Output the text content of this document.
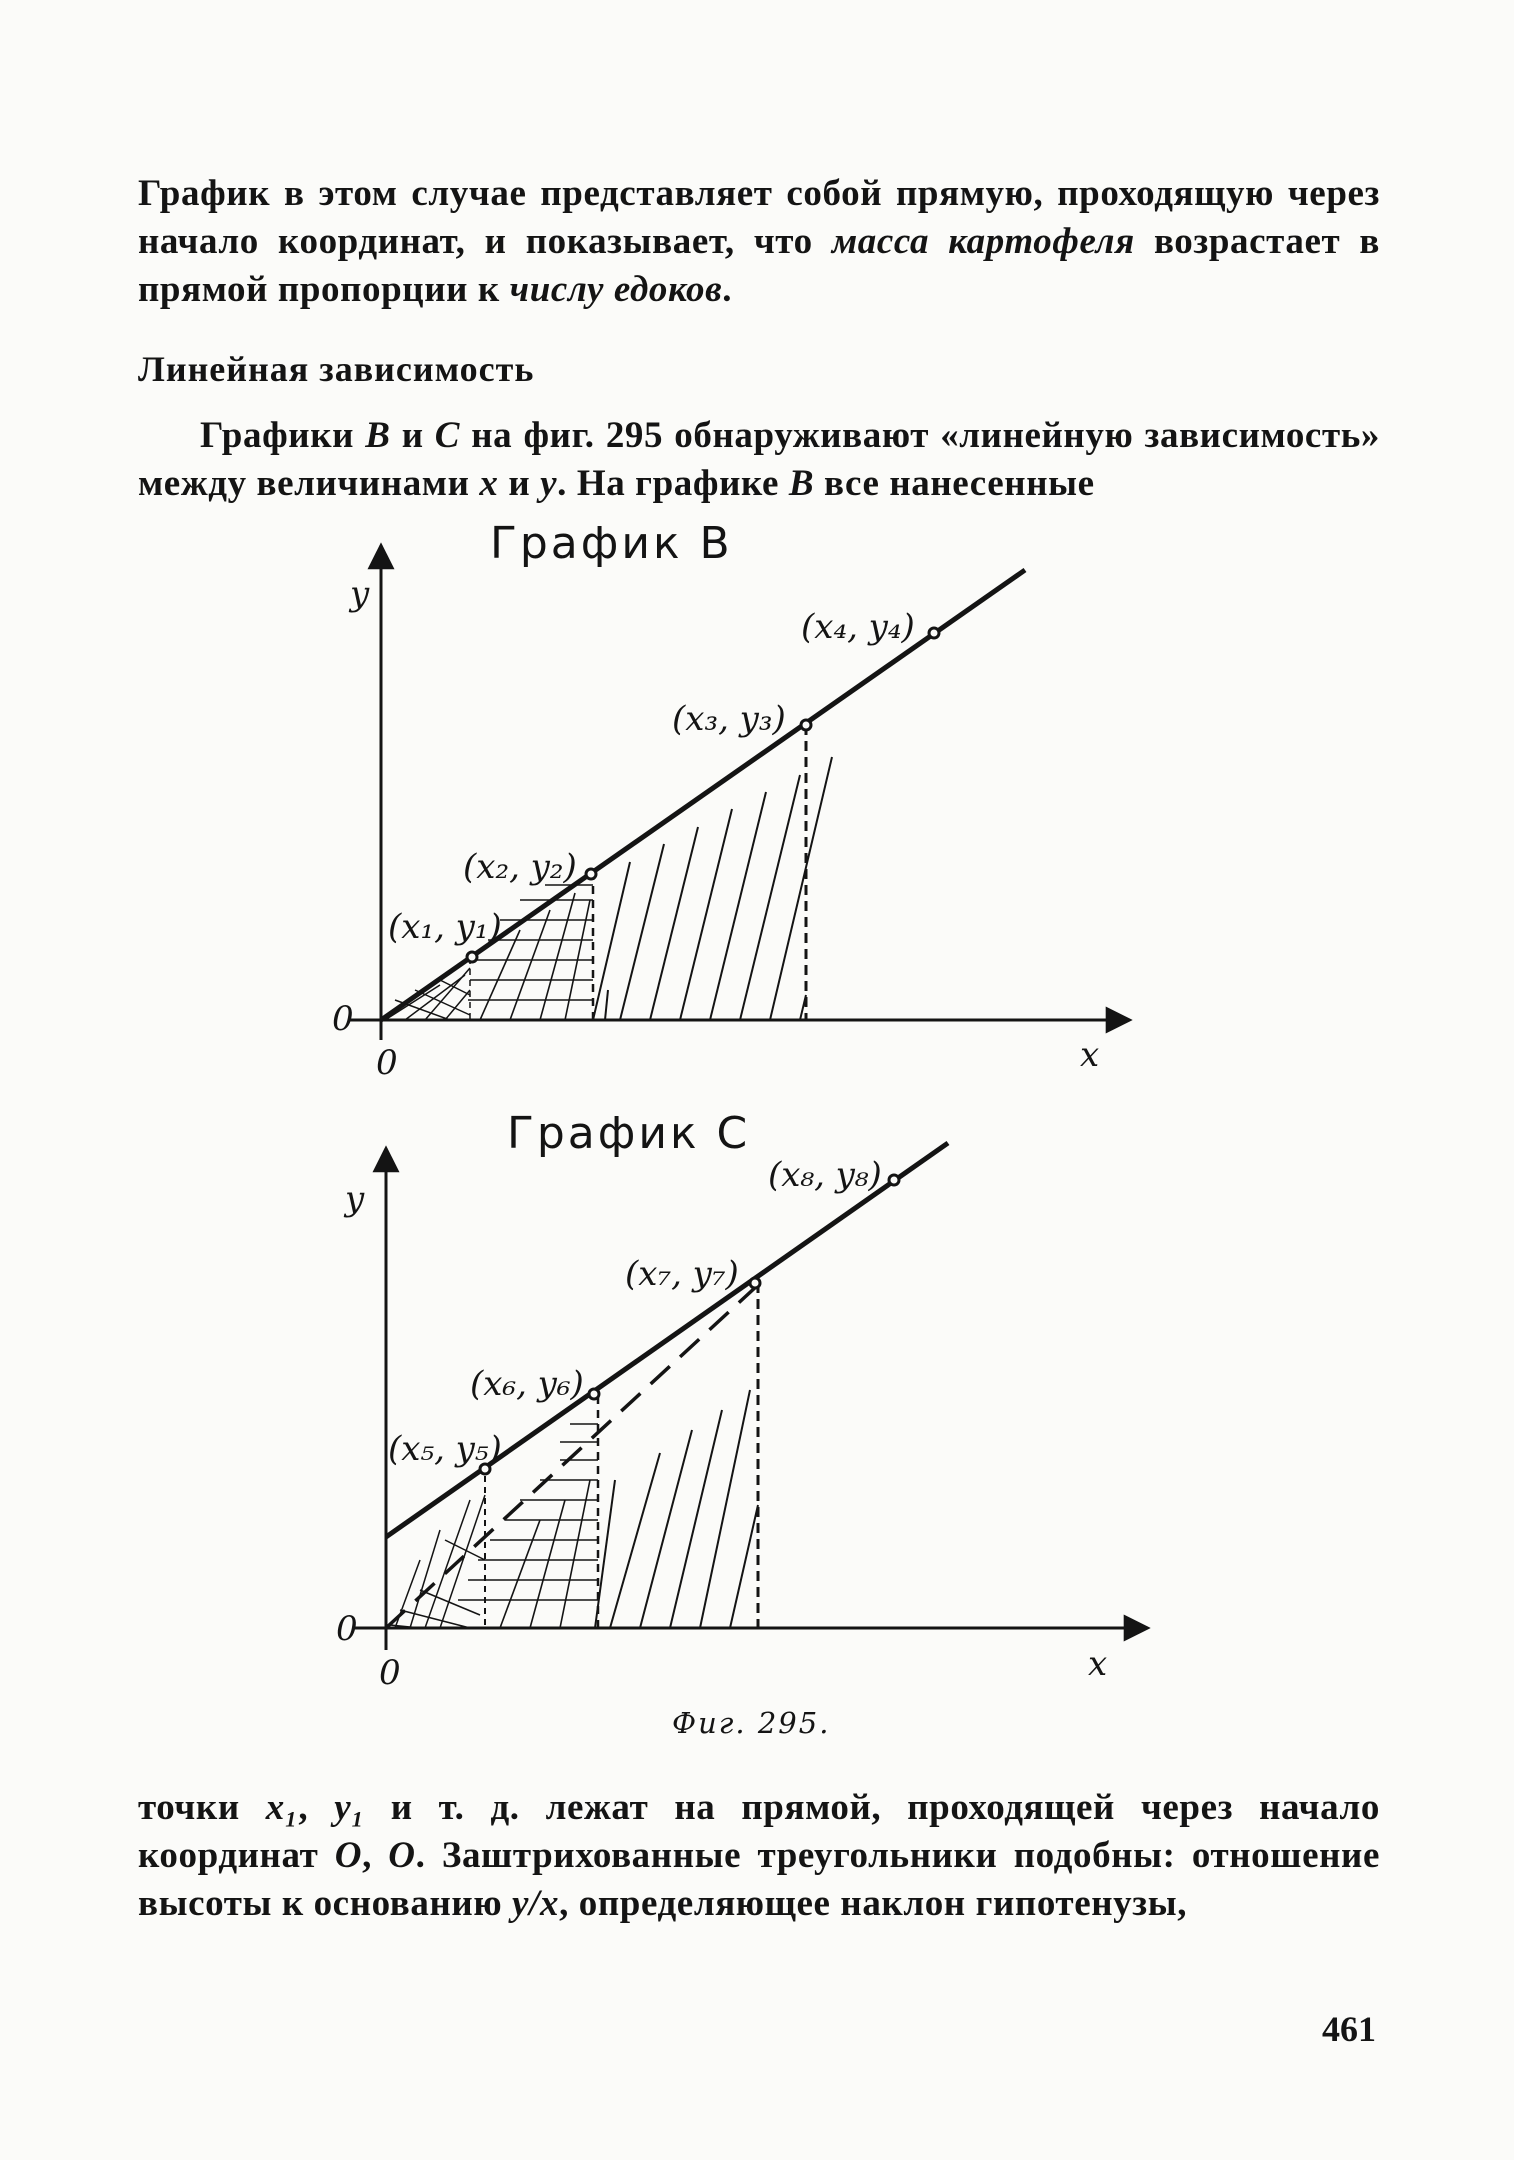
График в этом случае представляет собой прямую, проходящую через начало координат, и показывает, что масса картофеля возрастает в прямой пропорции к числу едоков.

Линейная зависимость

Графики B и C на фиг. 295 обнаруживают «линейную зависимость» между величинами x и y. На графике B все нанесенные

График B
y
x
0
0
(x₁, y₁)
(x₂, y₂)
(x₃, y₃)
(x₄, y₄)
График C
y
x
0
0
(x₅, y₅)
(x₆, y₆)
(x₇, y₇)
(x₈, y₈)

Фиг. 295.

точки x₁, y₁ и т. д. лежат на прямой, проходящей через начало координат O, O. Заштрихованные треугольники подобны: отношение высоты к основанию y/x, определяющее наклон гипотенузы,

461
